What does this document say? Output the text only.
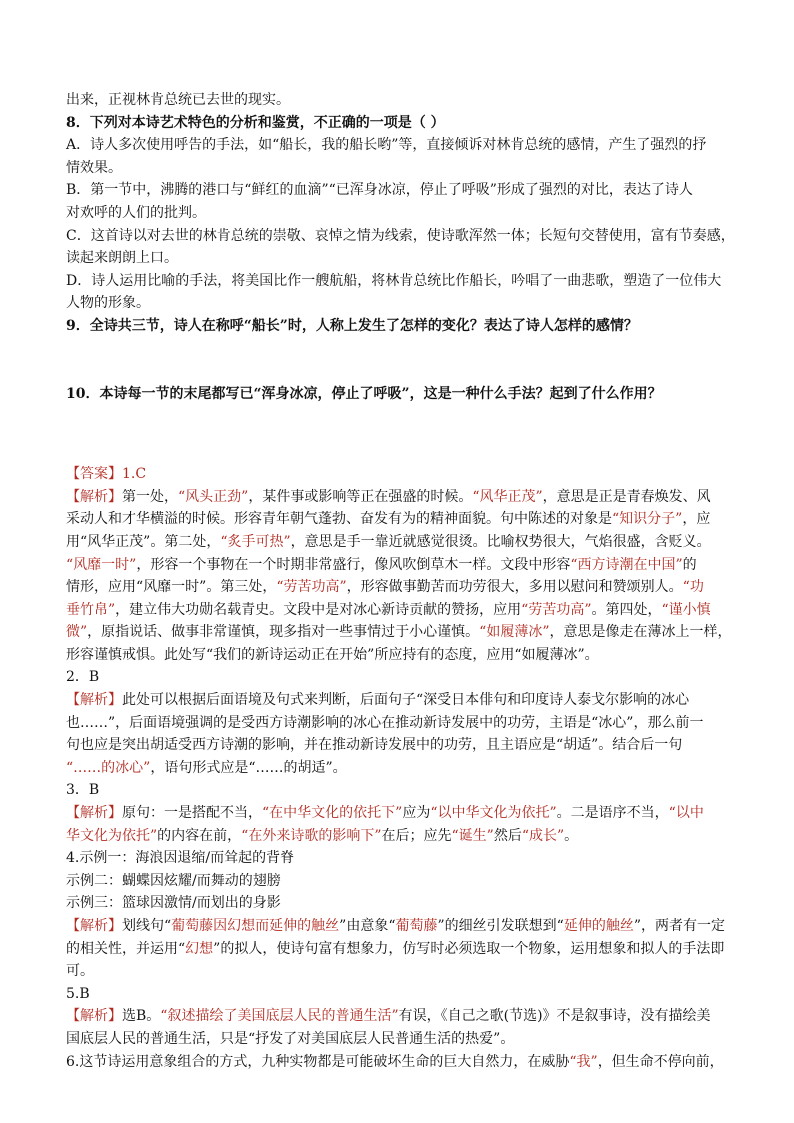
出来，正视林肯总统已去世的现实。
8．下列对本诗艺术特色的分析和鉴赏，不正确的一项是（ ）
A．诗人多次使用呼告的手法，如“船长，我的船长哟”等，直接倾诉对林肯总统的感情，产生了强烈的抒
情效果。
B．第一节中，沸腾的港口与“鲜红的血滴”“已浑身冰凉，停止了呼吸”形成了强烈的对比，表达了诗人
对欢呼的人们的批判。
C．这首诗以对去世的林肯总统的崇敬、哀悼之情为线索，使诗歌浑然一体；长短句交替使用，富有节奏感，
读起来朗朗上口。
D．诗人运用比喻的手法，将美国比作一艘航船，将林肯总统比作船长，吟唱了一曲悲歌，塑造了一位伟大
人物的形象。
9．全诗共三节，诗人在称呼“船长”时，人称上发生了怎样的变化？表达了诗人怎样的感情？
10．本诗每一节的末尾都写已“浑身冰凉，停止了呼吸”，这是一种什么手法？起到了什么作用？
【答案】1.C
【解析】第一处，“风头正劲”，某件事或影响等正在强盛的时候。“风华正茂”，意思是正是青春焕发、风
采动人和才华横溢的时候。形容青年朝气蓬勃、奋发有为的精神面貌。句中陈述的对象是“知识分子”，应
用“风华正茂”。第二处，“炙手可热”，意思是手一靠近就感觉很烫。比喻权势很大，气焰很盛，含贬义。
“风靡一时”，形容一个事物在一个时期非常盛行，像风吹倒草木一样。文段中形容“西方诗潮在中国”的
情形，应用“风靡一时”。第三处，“劳苦功高”，形容做事勤苦而功劳很大，多用以慰问和赞颂别人。“功
垂竹帛”，建立伟大功勋名载青史。文段中是对冰心新诗贡献的赞扬，应用“劳苦功高”。第四处，“谨小慎
微”，原指说话、做事非常谨慎，现多指对一些事情过于小心谨慎。“如履薄冰”，意思是像走在薄冰上一样，
形容谨慎戒惧。此处写“我们的新诗运动正在开始”所应持有的态度，应用“如履薄冰”。
2．B
【解析】此处可以根据后面语境及句式来判断，后面句子“深受日本俳句和印度诗人泰戈尔影响的冰心
也……”，后面语境强调的是受西方诗潮影响的冰心在推动新诗发展中的功劳，主语是“冰心”，那么前一
句也应是突出胡适受西方诗潮的影响，并在推动新诗发展中的功劳，且主语应是“胡适”。结合后一句
“……的冰心”，语句形式应是“……的胡适”。
3．B
【解析】原句：一是搭配不当，“在中华文化的依托下”应为“以中华文化为依托”。二是语序不当，“以中
华文化为依托”的内容在前，“在外来诗歌的影响下”在后；应先“诞生”然后“成长”。
4.示例一：海浪因退缩/而耸起的背脊
示例二：蝴蝶因炫耀/而舞动的翅膀
示例三：篮球因激情/而划出的身影
【解析】划线句“葡萄藤因幻想而延伸的触丝”由意象“葡萄藤”的细丝引发联想到“延伸的触丝”，两者有一定
的相关性，并运用“幻想”的拟人，使诗句富有想象力，仿写时必须选取一个物象，运用想象和拟人的手法即
可。
5.B
【解析】选B。“叙述描绘了美国底层人民的普通生活”有误，《自己之歌(节选)》不是叙事诗，没有描绘美
国底层人民的普通生活，只是“抒发了对美国底层人民普通生活的热爱”。
6.这节诗运用意象组合的方式，九种实物都是可能破坏生命的巨大自然力，在威胁“我”，但生命不停向前，
